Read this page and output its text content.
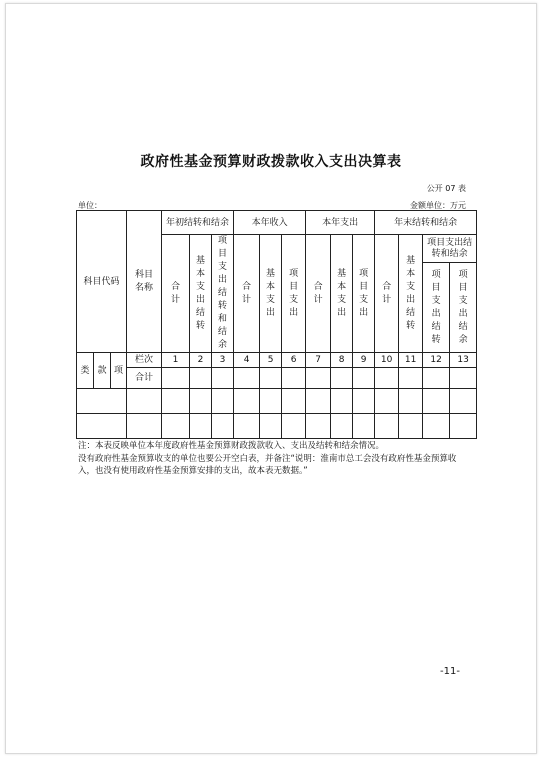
政府性基金预算财政拨款收入支出决算表
公开 07 表
单位：	金额单位：万元
科目代码			科目名称	年初结转和结余			本年收入			本年支出			年末结转和结余			
				合计	基本支出结转	项目支出结转和结余	合计	基本支出	项目支出	合计	基本支出	项目支出	合计	基本支出结转	项目支出结转和结余	
															项目支出结转	项目支出结余
类	款	项	栏次	1	2	3	4	5	6	7	8	9	10	11	12	13
			合计													

注：本表反映单位本年度政府性基金预算财政拨款收入、支出及结转和结余情况。
没有政府性基金预算收支的单位也要公开空白表，并备注“说明：淮南市总工会没有政府性基金预算收入，也没有使用政府性基金预算安排的支出，故本表无数据。”
-11-
